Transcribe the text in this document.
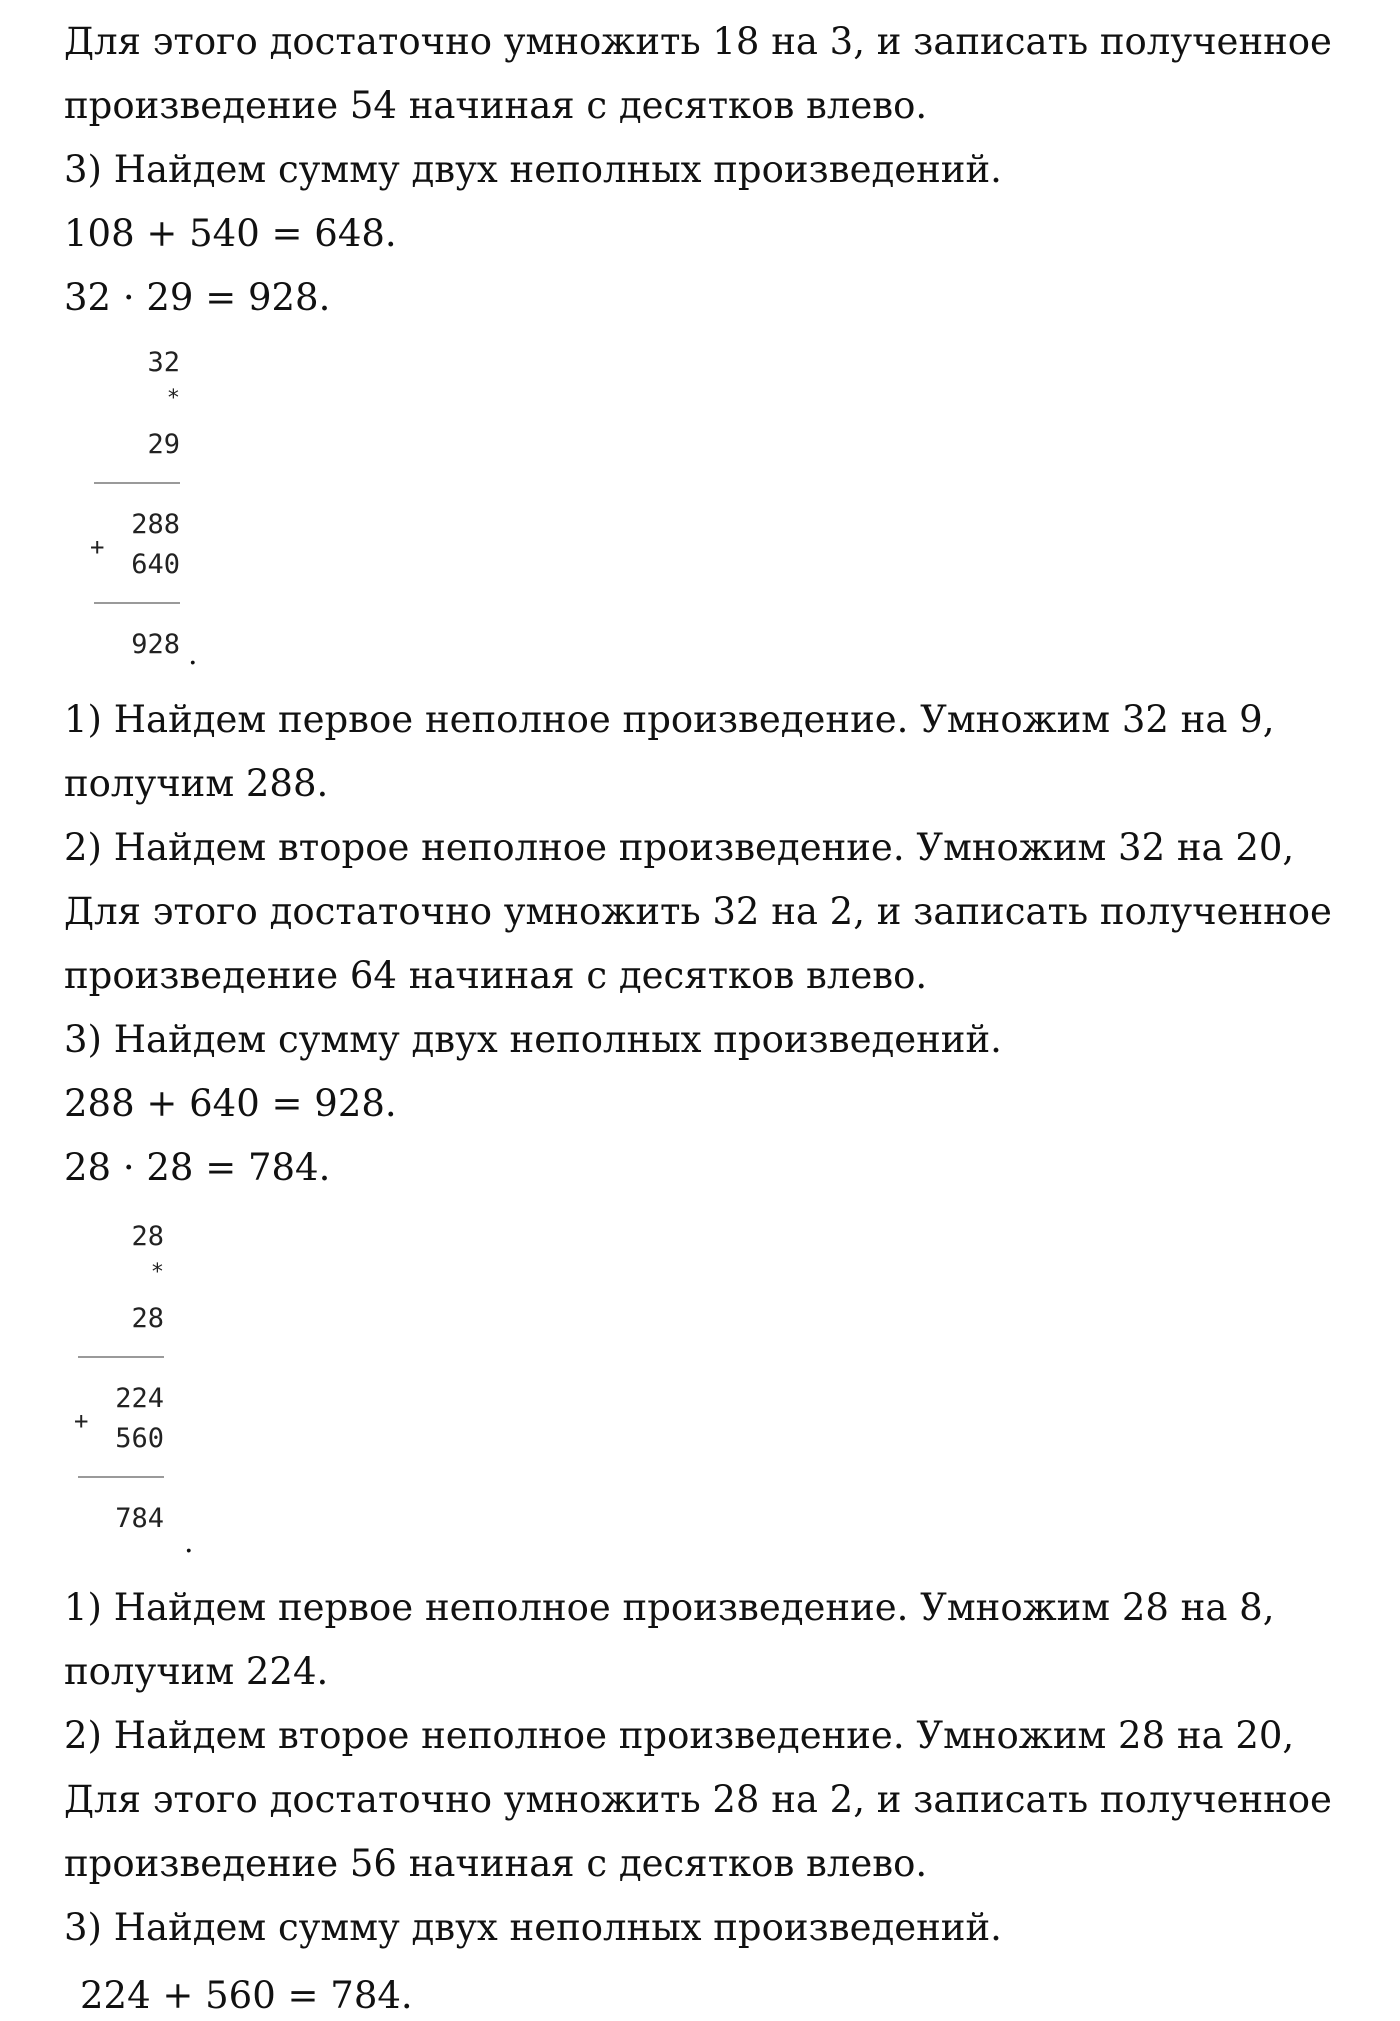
Для этого достаточно умножить 18 на 3, и записать полученное
произведение 54 начиная с десятков влево.
3) Найдем сумму двух неполных произведений.
108 + 540 = 648.
32 · 29 = 928.
32
*
29
+
288
640
928 .
1) Найдем первое неполное произведение. Умножим 32 на 9,
получим 288.
2) Найдем второе неполное произведение. Умножим 32 на 20,
Для этого достаточно умножить 32 на 2, и записать полученное
произведение 64 начиная с десятков влево.
3) Найдем сумму двух неполных произведений.
288 + 640 = 928.
28 · 28 = 784.
28
*
28
+
224
560
784
.
1) Найдем первое неполное произведение. Умножим 28 на 8,
получим 224.
2) Найдем второе неполное произведение. Умножим 28 на 20,
Для этого достаточно умножить 28 на 2, и записать полученное
произведение 56 начиная с десятков влево.
3) Найдем сумму двух неполных произведений.
224 + 560 = 784.
